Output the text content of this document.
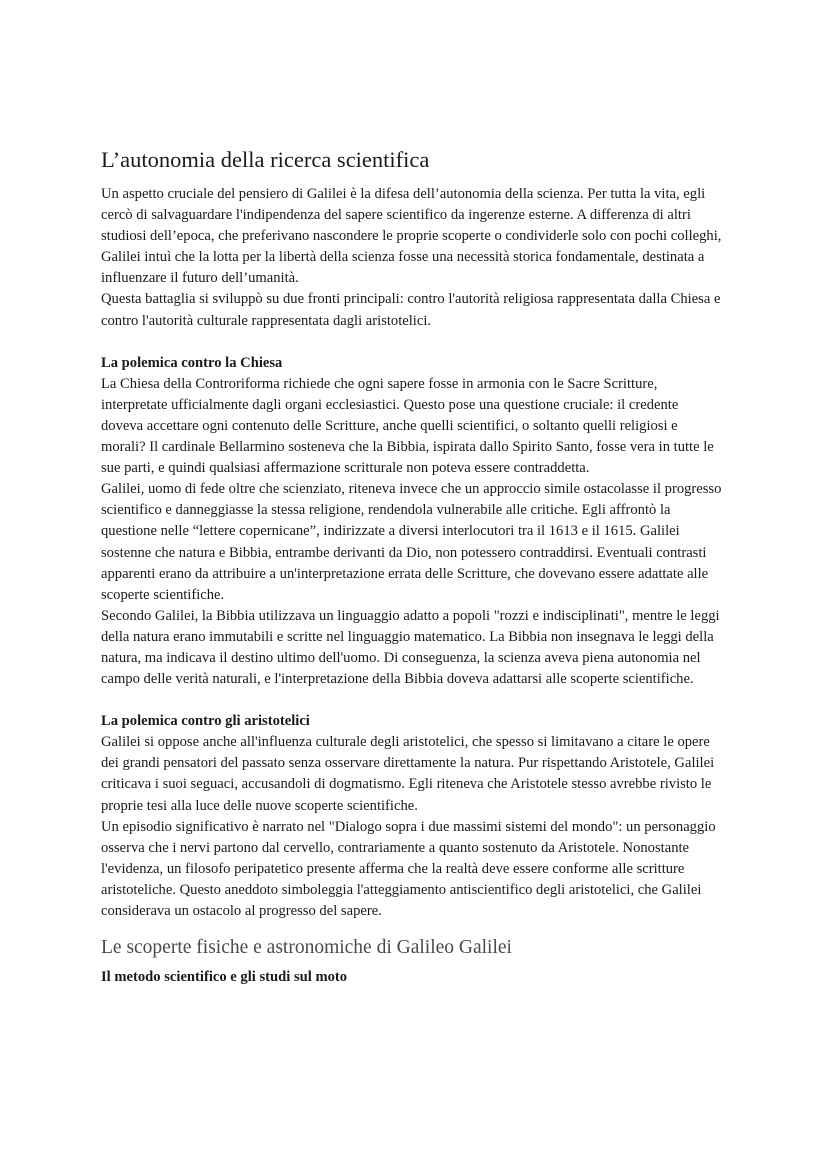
L’autonomia della ricerca scientifica

Un aspetto cruciale del pensiero di Galilei è la difesa dell’autonomia della scienza. Per tutta la vita, egli cercò di salvaguardare l'indipendenza del sapere scientifico da ingerenze esterne. A differenza di altri studiosi dell’epoca, che preferivano nascondere le proprie scoperte o condividerle solo con pochi colleghi, Galilei intuì che la lotta per la libertà della scienza fosse una necessità storica fondamentale, destinata a influenzare il futuro dell’umanità.

Questa battaglia si sviluppò su due fronti principali: contro l'autorità religiosa rappresentata dalla Chiesa e contro l'autorità culturale rappresentata dagli aristotelici.

La polemica contro la Chiesa

La Chiesa della Controriforma richiede che ogni sapere fosse in armonia con le Sacre Scritture, interpretate ufficialmente dagli organi ecclesiastici. Questo pose una questione cruciale: il credente doveva accettare ogni contenuto delle Scritture, anche quelli scientifici, o soltanto quelli religiosi e morali? Il cardinale Bellarmino sosteneva che la Bibbia, ispirata dallo Spirito Santo, fosse vera in tutte le sue parti, e quindi qualsiasi affermazione scritturale non poteva essere contraddetta.

Galilei, uomo di fede oltre che scienziato, riteneva invece che un approccio simile ostacolasse il progresso scientifico e danneggiasse la stessa religione, rendendola vulnerabile alle critiche. Egli affrontò la questione nelle “lettere copernicane”, indirizzate a diversi interlocutori tra il 1613 e il 1615. Galilei sostenne che natura e Bibbia, entrambe derivanti da Dio, non potessero contraddirsi. Eventuali contrasti apparenti erano da attribuire a un'interpretazione errata delle Scritture, che dovevano essere adattate alle scoperte scientifiche.

Secondo Galilei, la Bibbia utilizzava un linguaggio adatto a popoli "rozzi e indisciplinati", mentre le leggi della natura erano immutabili e scritte nel linguaggio matematico. La Bibbia non insegnava le leggi della natura, ma indicava il destino ultimo dell'uomo. Di conseguenza, la scienza aveva piena autonomia nel campo delle verità naturali, e l'interpretazione della Bibbia doveva adattarsi alle scoperte scientifiche.

La polemica contro gli aristotelici

Galilei si oppose anche all'influenza culturale degli aristotelici, che spesso si limitavano a citare le opere dei grandi pensatori del passato senza osservare direttamente la natura. Pur rispettando Aristotele, Galilei criticava i suoi seguaci, accusandoli di dogmatismo. Egli riteneva che Aristotele stesso avrebbe rivisto le proprie tesi alla luce delle nuove scoperte scientifiche.

Un episodio significativo è narrato nel "Dialogo sopra i due massimi sistemi del mondo": un personaggio osserva che i nervi partono dal cervello, contrariamente a quanto sostenuto da Aristotele. Nonostante l'evidenza, un filosofo peripatetico presente afferma che la realtà deve essere conforme alle scritture aristoteliche. Questo aneddoto simboleggia l'atteggiamento antiscientifico degli aristotelici, che Galilei considerava un ostacolo al progresso del sapere.

Le scoperte fisiche e astronomiche di Galileo Galilei
Il metodo scientifico e gli studi sul moto
